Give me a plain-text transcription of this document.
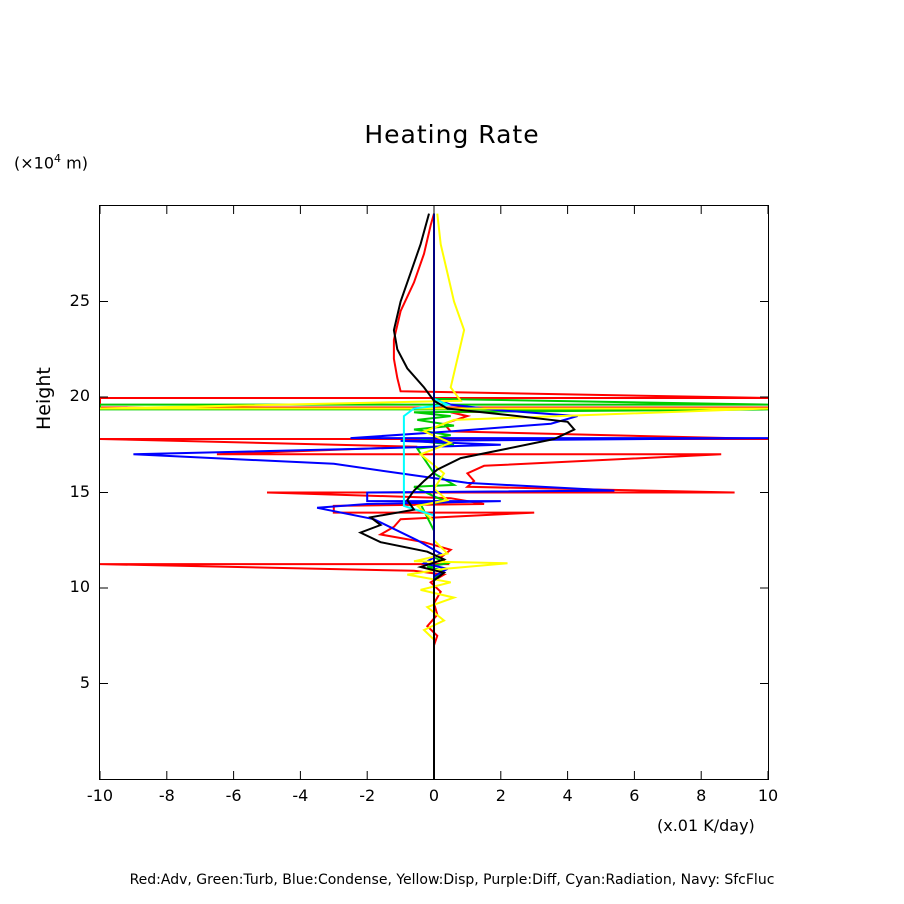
Heating Rate
($\times 10^4$ m)
Height
(x.01 K/day)
-10	-8	-6	-4	-2	0	2	4	6	8	10
5
10
15
20
25
Red:Adv, Green:Turb, Blue:Condense, Yellow:Disp, Purple:Diff, Cyan:Radiation, Navy: SfcFluc
